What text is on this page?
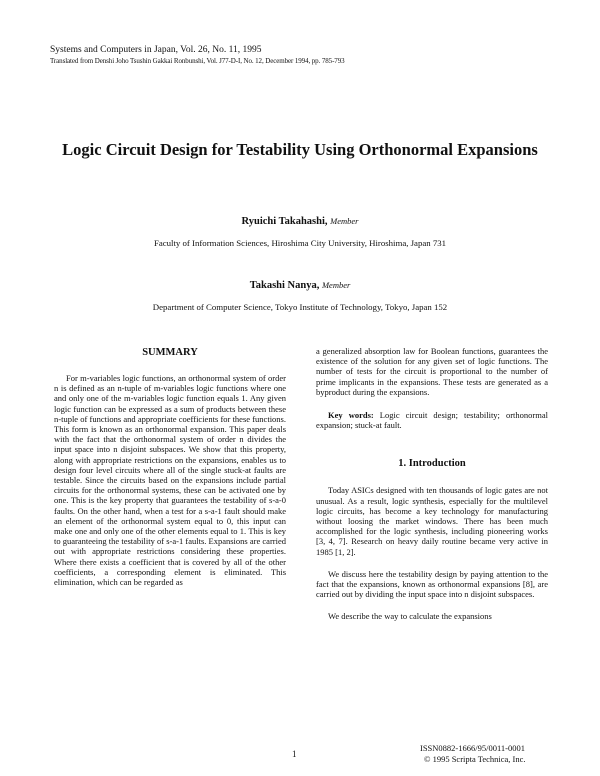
Systems and Computers in Japan, Vol. 26, No. 11, 1995
Translated from Denshi Joho Tsushin Gakkai Ronbunshi, Vol. J77-D-I, No. 12, December 1994, pp. 785-793
Logic Circuit Design for Testability Using Orthonormal Expansions
Ryuichi Takahashi, Member
Faculty of Information Sciences, Hiroshima City University, Hiroshima, Japan 731
Takashi Nanya, Member
Department of Computer Science, Tokyo Institute of Technology, Tokyo, Japan 152
SUMMARY

For m-variables logic functions, an orthonormal system of order n is defined as an n-tuple of m-variables logic functions where one and only one of the m-variables logic function equals 1. Any given logic function can be expressed as a sum of products between these n-tuple of functions and appropriate coefficients for these functions. This form is known as an orthonormal expansion. This paper deals with the fact that the orthonormal system of order n divides the input space into n disjoint subspaces. We show that this property, along with appropriate restrictions on the expansions, enables us to design four level circuits where all of the single stuck-at faults are testable. Since the circuits based on the expansions include partial circuits for the orthonormal systems, these can be activated one by one. This is the key property that guarantees the testability of s-a-0 faults. On the other hand, when a test for a s-a-1 fault should make an element of the orthonormal system equal to 0, this input can make one and only one of the other elements equal to 1. This is key to guaranteeing the testability of s-a-1 faults. Expansions are carried out with appropriate restrictions considering these properties. Where there exists a coefficient that is covered by all of the other coefficients, a corresponding element is eliminated. This elimination, which can be regarded as

a generalized absorption law for Boolean functions, guarantees the existence of the solution for any given set of logic functions. The number of tests for the circuit is proportional to the number of prime implicants in the expansions. These tests are generated as a byproduct during the expansions.

Key words: Logic circuit design; testability; orthonormal expansion; stuck-at fault.

1. Introduction

Today ASICs designed with ten thousands of logic gates are not unusual. As a result, logic synthesis, especially for the multilevel logic circuits, has become a key technology for manufacturing without loosing the market windows. There has been much accomplished for the logic synthesis, including pioneering works [3, 4, 7]. Research on heavy daily routine became very active in 1985 [1, 2].

We discuss here the testability design by paying attention to the fact that the expansions, known as orthonormal expansions [8], are carried out by dividing the input space into n disjoint subspaces.

We describe the way to calculate the expansions

1
ISSN0882-1666/95/0011-0001
© 1995 Scripta Technica, Inc.
